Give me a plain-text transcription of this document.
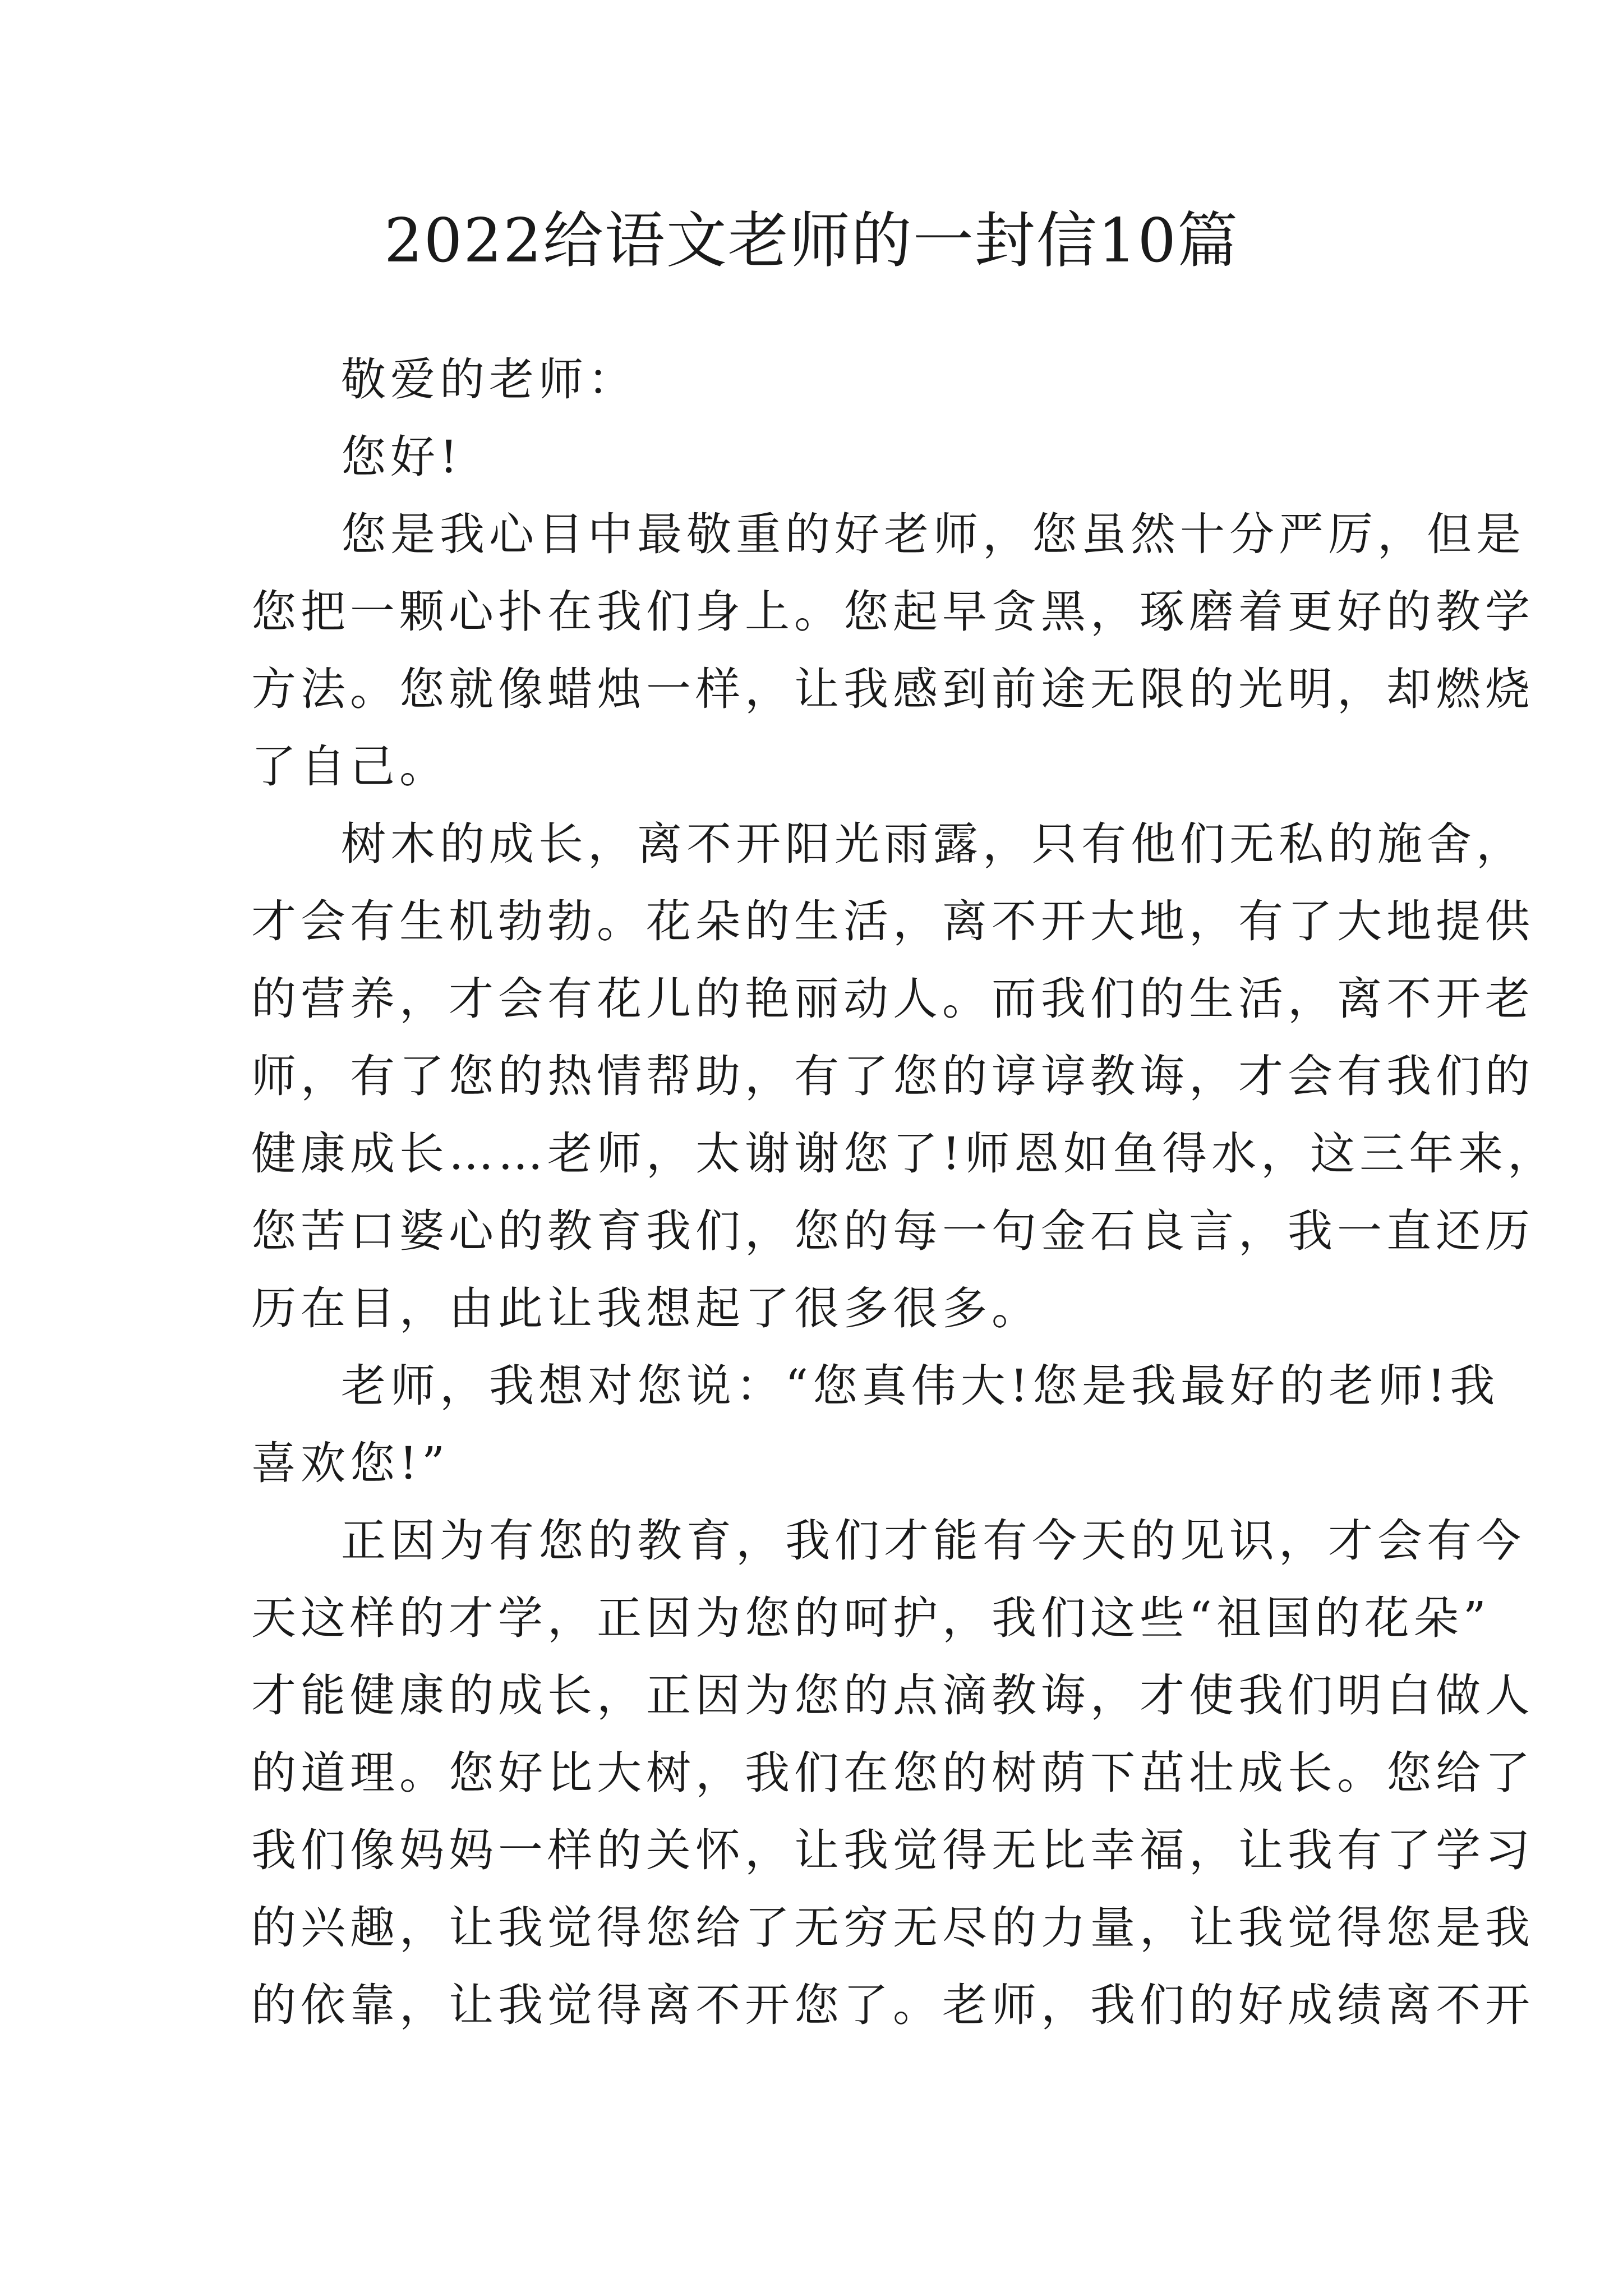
2022给语文老师的一封信10篇
敬爱的老师：
您好!
您是我心目中最敬重的好老师，您虽然十分严厉，但是
您把一颗心扑在我们身上。您起早贪黑，琢磨着更好的教学
方法。您就像蜡烛一样，让我感到前途无限的光明，却燃烧
了自己。
树木的成长，离不开阳光雨露，只有他们无私的施舍，
才会有生机勃勃。花朵的生活，离不开大地，有了大地提供
的营养，才会有花儿的艳丽动人。而我们的生活，离不开老
师，有了您的热情帮助，有了您的谆谆教诲，才会有我们的
健康成长……老师，太谢谢您了!师恩如鱼得水，这三年来，
您苦口婆心的教育我们，您的每一句金石良言，我一直还历
历在目，由此让我想起了很多很多。
老师，我想对您说：“您真伟大!您是我最好的老师!我
喜欢您!”
正因为有您的教育，我们才能有今天的见识，才会有今
天这样的才学，正因为您的呵护，我们这些“祖国的花朵”
才能健康的成长，正因为您的点滴教诲，才使我们明白做人
的道理。您好比大树，我们在您的树荫下茁壮成长。您给了
我们像妈妈一样的关怀，让我觉得无比幸福，让我有了学习
的兴趣，让我觉得您给了无穷无尽的力量，让我觉得您是我
的依靠，让我觉得离不开您了。老师，我们的好成绩离不开
